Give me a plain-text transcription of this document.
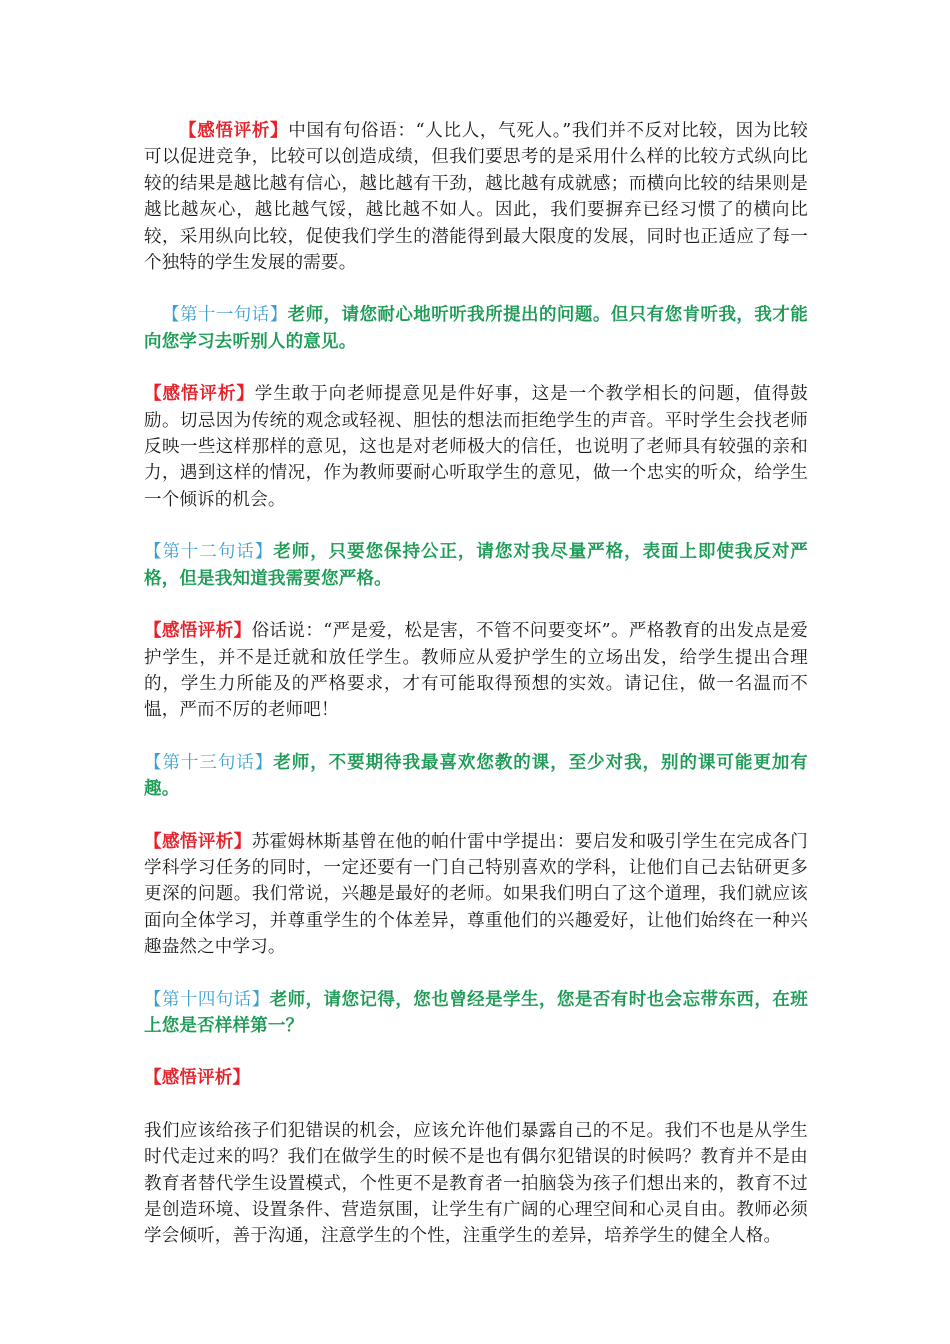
【感悟评析】中国有句俗语：“人比人，气死人。”我们并不反对比较，因为比较可以促进竞争，比较可以创造成绩，但我们要思考的是采用什么样的比较方式纵向比较的结果是越比越有信心，越比越有干劲，越比越有成就感；而横向比较的结果则是越比越灰心，越比越气馁，越比越不如人。因此，我们要摒弃已经习惯了的横向比较，采用纵向比较，促使我们学生的潜能得到最大限度的发展，同时也正适应了每一个独特的学生发展的需要。

【第十一句话】老师，请您耐心地听听我所提出的问题。但只有您肯听我，我才能向您学习去听别人的意见。

【感悟评析】学生敢于向老师提意见是件好事，这是一个教学相长的问题，值得鼓励。切忌因为传统的观念或轻视、胆怯的想法而拒绝学生的声音。平时学生会找老师反映一些这样那样的意见，这也是对老师极大的信任，也说明了老师具有较强的亲和力，遇到这样的情况，作为教师要耐心听取学生的意见，做一个忠实的听众，给学生一个倾诉的机会。

【第十二句话】老师，只要您保持公正，请您对我尽量严格，表面上即使我反对严格，但是我知道我需要您严格。

【感悟评析】俗话说：“严是爱，松是害，不管不问要变坏”。严格教育的出发点是爱护学生，并不是迁就和放任学生。教师应从爱护学生的立场出发，给学生提出合理的，学生力所能及的严格要求，才有可能取得预想的实效。请记住，做一名温而不愠，严而不厉的老师吧！

【第十三句话】老师，不要期待我最喜欢您教的课，至少对我，别的课可能更加有趣。

【感悟评析】苏霍姆林斯基曾在他的帕什雷中学提出：要启发和吸引学生在完成各门学科学习任务的同时，一定还要有一门自己特别喜欢的学科，让他们自己去钻研更多更深的问题。我们常说，兴趣是最好的老师。如果我们明白了这个道理，我们就应该面向全体学习，并尊重学生的个体差异，尊重他们的兴趣爱好，让他们始终在一种兴趣盎然之中学习。

【第十四句话】老师，请您记得，您也曾经是学生，您是否有时也会忘带东西，在班上您是否样样第一？

【感悟评析】

我们应该给孩子们犯错误的机会，应该允许他们暴露自己的不足。我们不也是从学生时代走过来的吗？我们在做学生的时候不是也有偶尔犯错误的时候吗？教育并不是由教育者替代学生设置模式，个性更不是教育者一拍脑袋为孩子们想出来的，教育不过是创造环境、设置条件、营造氛围，让学生有广阔的心理空间和心灵自由。教师必须学会倾听，善于沟通，注意学生的个性，注重学生的差异，培养学生的健全人格。
